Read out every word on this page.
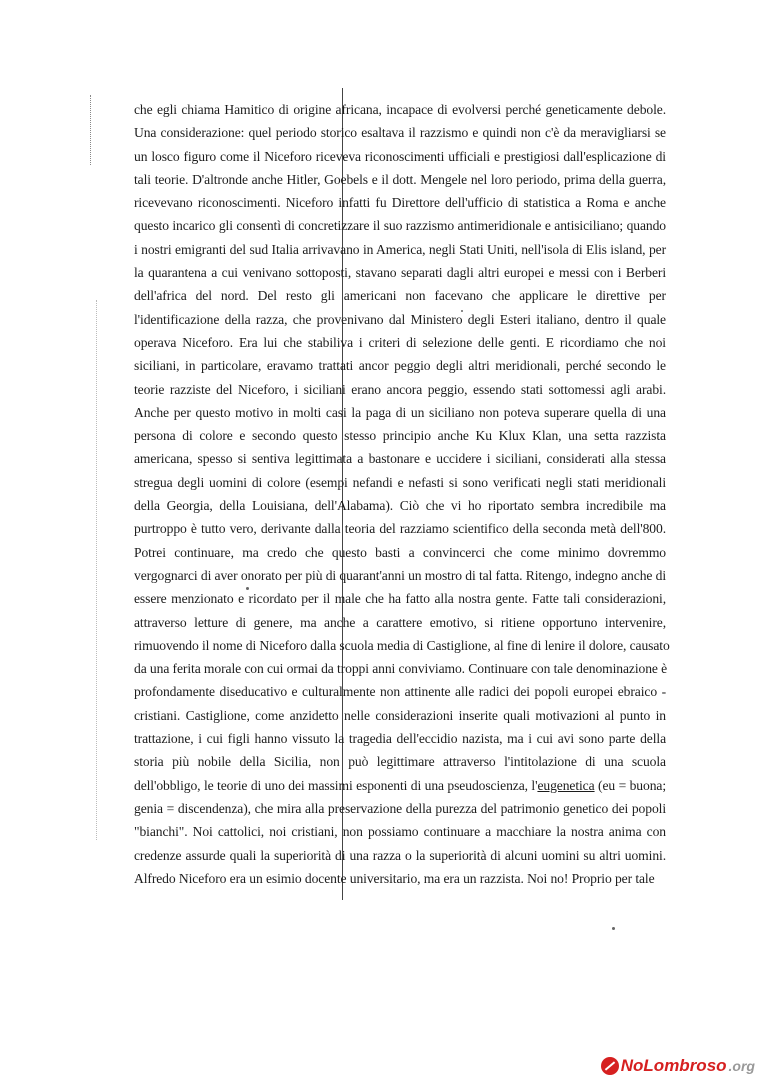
che egli chiama Hamitico di origine africana, incapace di evolversi perché geneticamente debole.
Una considerazione: quel periodo storico esaltava il razzismo e quindi non c'è da meravigliarsi se
un losco figuro come il Niceforo riceveva riconoscimenti ufficiali e prestigiosi dall'esplicazione di
tali teorie. D'altronde anche Hitler, Goebels e il dott. Mengele nel loro periodo, prima della guerra,
ricevevano riconoscimenti. Niceforo infatti fu Direttore dell'ufficio di statistica a Roma e anche
questo incarico gli consentì di concretizzare il suo razzismo antimeridionale e antisiciliano; quando
i nostri emigranti del sud Italia arrivavano in America, negli Stati Uniti, nell'isola di Elis island, per
la quarantena a cui venivano sottoposti, stavano separati dagli altri europei e messi con i Berberi
dell'africa del nord. Del resto gli americani non facevano che applicare le direttive per
l'identificazione della razza, che provenivano dal Ministero degli Esteri italiano, dentro il quale
operava Niceforo. Era lui che stabiliva i criteri di selezione delle genti. E ricordiamo che noi
siciliani, in particolare, eravamo trattati ancor peggio degli altri meridionali, perché secondo le
teorie razziste del Niceforo, i siciliani erano ancora peggio, essendo stati sottomessi agli arabi.
Anche per questo motivo in molti casi la paga di un siciliano non poteva superare quella di una
persona di colore e secondo questo stesso principio anche Ku Klux Klan, una setta razzista
americana, spesso si sentiva legittimata a bastonare e uccidere i siciliani, considerati alla stessa
stregua degli uomini di colore (esempi nefandi e nefasti si sono verificati negli stati meridionali
della Georgia, della Louisiana, dell'Alabama). Ciò che vi ho riportato sembra incredibile ma
purtroppo è tutto vero, derivante dalla teoria del razziamo scientifico della seconda metà dell'800.
Potrei continuare, ma credo che questo basti a convincerci che come minimo dovremmo
vergognarci di aver onorato per più di quarant'anni un mostro di tal fatta. Ritengo, indegno anche di
essere menzionato e ricordato per il male che ha fatto alla nostra gente. Fatte tali considerazioni,
attraverso letture di genere, ma anche a carattere emotivo, si ritiene opportuno intervenire,
rimuovendo il nome di Niceforo dalla scuola media di Castiglione, al fine di lenire il dolore, causato
da una ferita morale con cui ormai da troppi anni conviviamo. Continuare con tale denominazione è
profondamente diseducativo e culturalmente non attinente alle radici dei popoli europei ebraico -
cristiani. Castiglione, come anzidetto nelle considerazioni inserite quali motivazioni al punto in
trattazione, i cui figli hanno vissuto la tragedia dell'eccidio nazista, ma i cui avi sono parte della
storia più nobile della Sicilia, non può legittimare attraverso l'intitolazione di una scuola
dell'obbligo, le teorie di uno dei massimi esponenti di una pseudoscienza, l'eugenetica (eu = buona;
genia = discendenza), che mira alla preservazione della purezza del patrimonio genetico dei popoli
"bianchi". Noi cattolici, noi cristiani, non possiamo continuare a macchiare la nostra anima con
credenze assurde quali la superiorità di una razza o la superiorità di alcuni uomini su altri uomini.
Alfredo Niceforo era un esimio docente universitario, ma era un razzista. Noi no! Proprio per tale
NoLombroso .org
